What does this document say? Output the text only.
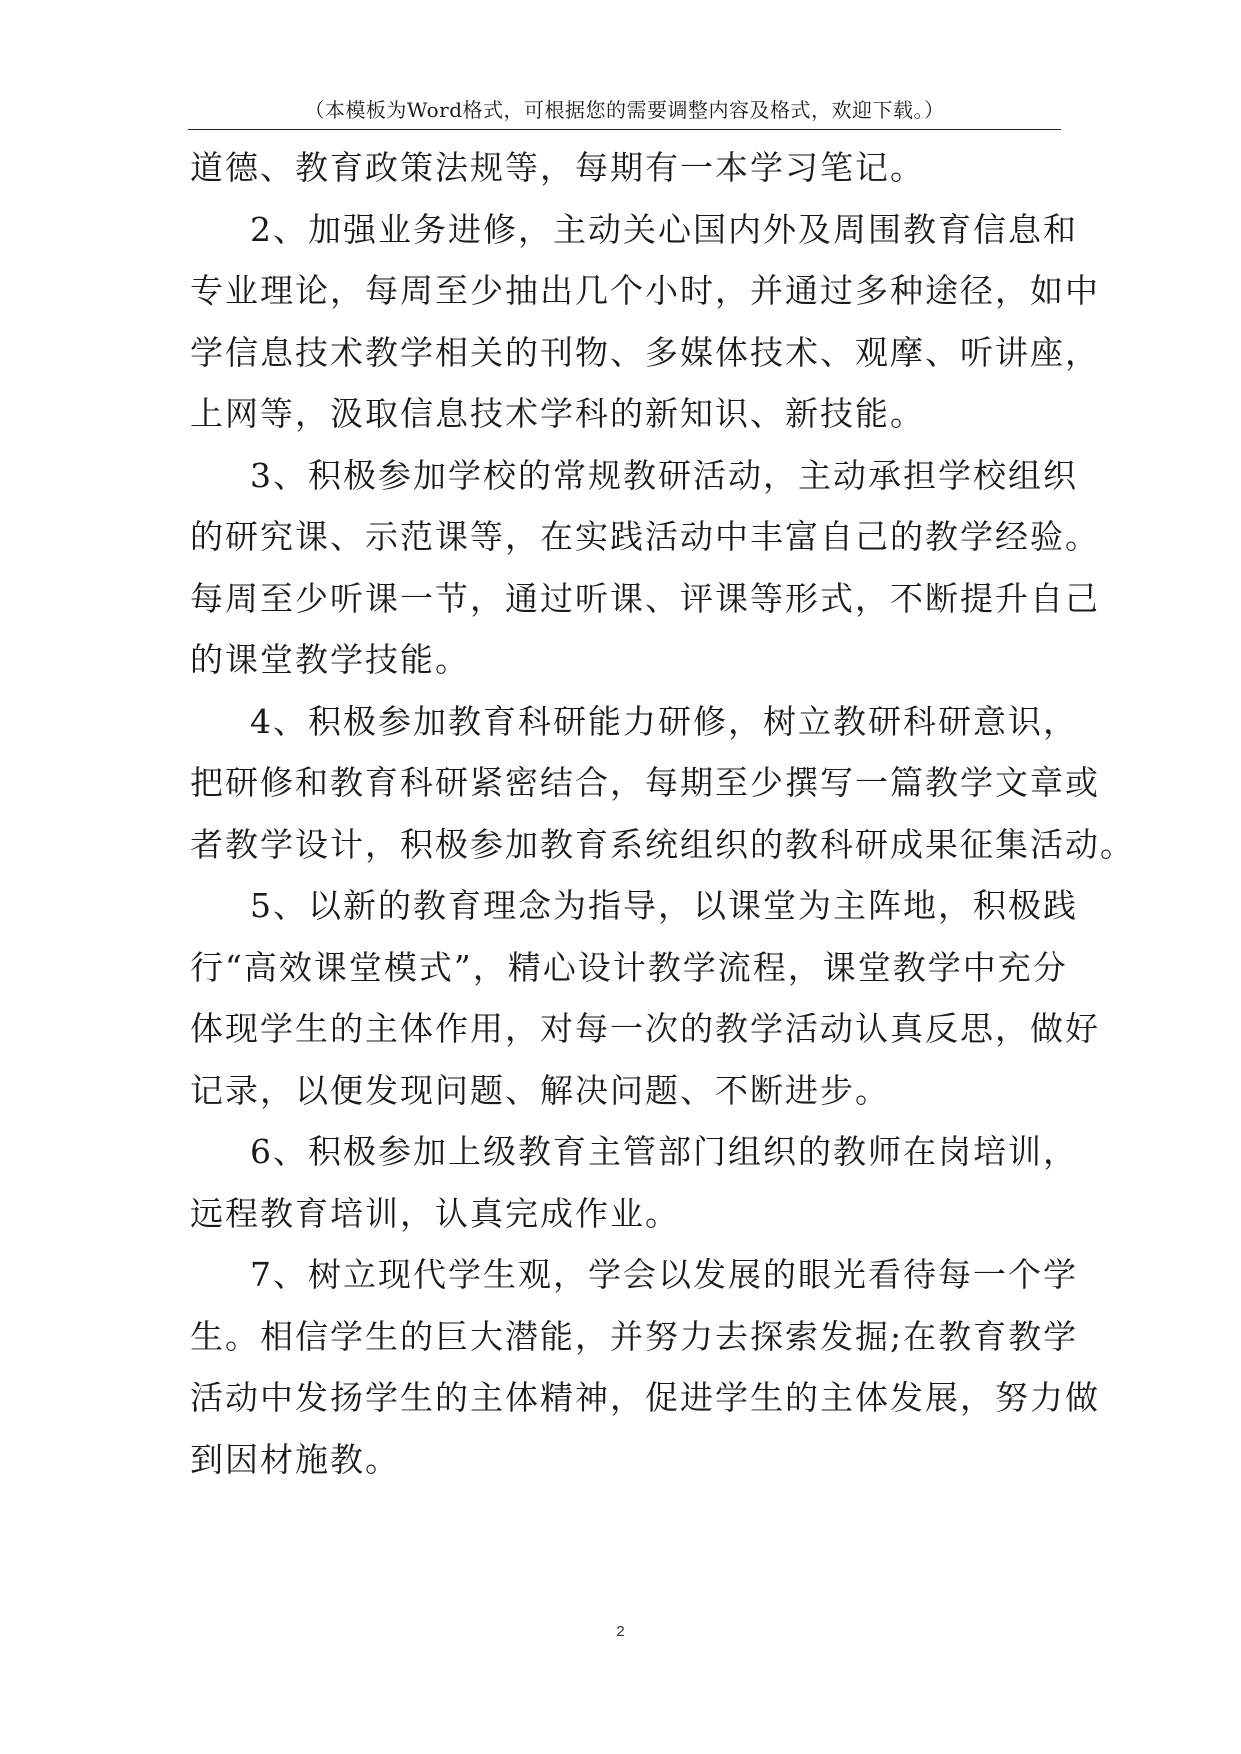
（本模板为Word格式，可根据您的需要调整内容及格式，欢迎下载。）
道德、教育政策法规等，每期有一本学习笔记。
2、加强业务进修，主动关心国内外及周围教育信息和
专业理论，每周至少抽出几个小时，并通过多种途径，如中
学信息技术教学相关的刊物、多媒体技术、观摩、听讲座，
上网等，汲取信息技术学科的新知识、新技能。
3、积极参加学校的常规教研活动，主动承担学校组织
的研究课、示范课等，在实践活动中丰富自己的教学经验。
每周至少听课一节，通过听课、评课等形式，不断提升自己
的课堂教学技能。
4、积极参加教育科研能力研修，树立教研科研意识，
把研修和教育科研紧密结合，每期至少撰写一篇教学文章或
者教学设计，积极参加教育系统组织的教科研成果征集活动。
5、以新的教育理念为指导，以课堂为主阵地，积极践
行“高效课堂模式”，精心设计教学流程，课堂教学中充分
体现学生的主体作用，对每一次的教学活动认真反思，做好
记录，以便发现问题、解决问题、不断进步。
6、积极参加上级教育主管部门组织的教师在岗培训，
远程教育培训，认真完成作业。
7、树立现代学生观，学会以发展的眼光看待每一个学
生。相信学生的巨大潜能，并努力去探索发掘;在教育教学
活动中发扬学生的主体精神，促进学生的主体发展，努力做
到因材施教。
2
